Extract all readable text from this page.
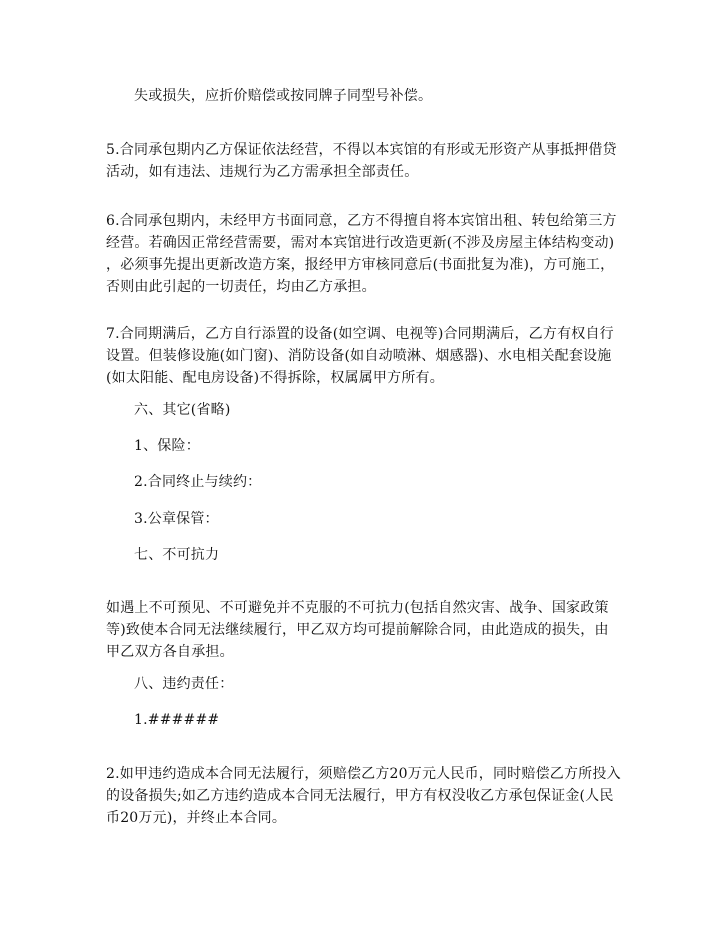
失或损失，应折价赔偿或按同牌子同型号补偿。
5.合同承包期内乙方保证依法经营，不得以本宾馆的有形或无形资产从事抵押借贷
活动，如有违法、违规行为乙方需承担全部责任。
6.合同承包期内，未经甲方书面同意，乙方不得擅自将本宾馆出租、转包给第三方
经营。若确因正常经营需要，需对本宾馆进行改造更新(不涉及房屋主体结构变动)
，必须事先提出更新改造方案，报经甲方审核同意后(书面批复为准)，方可施工，
否则由此引起的一切责任，均由乙方承担。
7.合同期满后，乙方自行添置的设备(如空调、电视等)合同期满后，乙方有权自行
设置。但装修设施(如门窗)、消防设备(如自动喷淋、烟感器)、水电相关配套设施
(如太阳能、配电房设备)不得拆除，权属属甲方所有。
六、其它(省略)
1、保险：
2.合同终止与续约：
3.公章保管：
七、不可抗力
如遇上不可预见、不可避免并不克服的不可抗力(包括自然灾害、战争、国家政策
等)致使本合同无法继续履行，甲乙双方均可提前解除合同，由此造成的损失，由
甲乙双方各自承担。
八、违约责任：
1.######
2.如甲违约造成本合同无法履行，须赔偿乙方20万元人民币，同时赔偿乙方所投入
的设备损失;如乙方违约造成本合同无法履行，甲方有权没收乙方承包保证金(人民
币20万元)，并终止本合同。
